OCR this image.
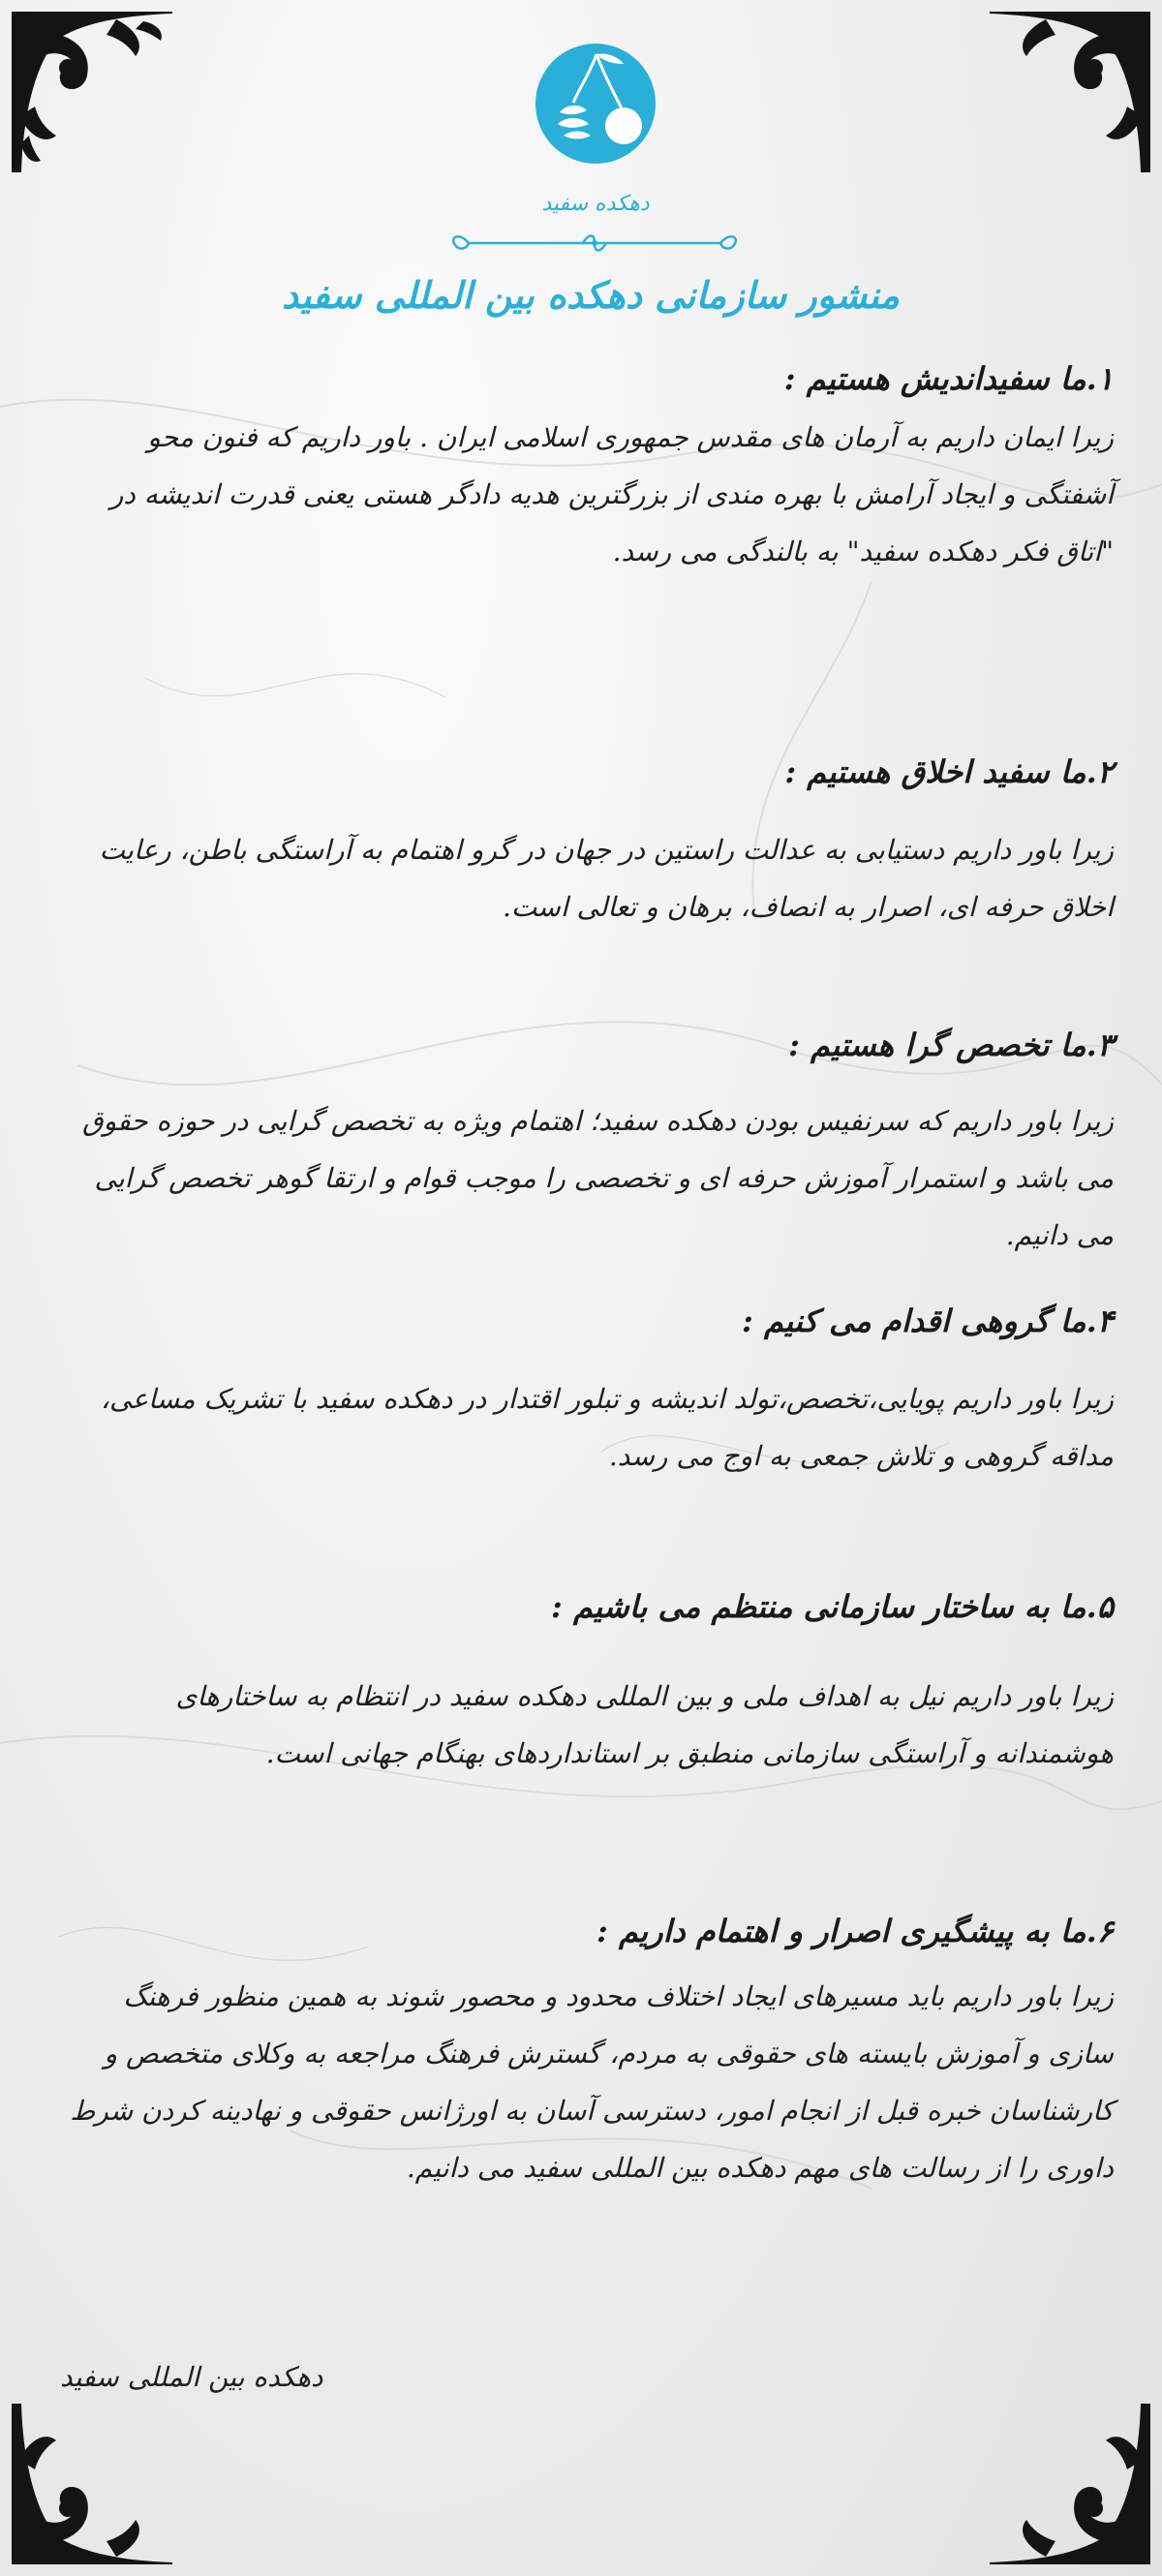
دهکده سفید
منشور سازمانی دهکده بین المللی سفید
۱.ما سفیداندیش هستیم :

زیرا ایمان داریم به آرمان های مقدس جمهوری اسلامی ایران . باور داریم که فنون محو آشفتگی و ایجاد آرامش با بهره مندی از بزرگترین هدیه دادگر هستی یعنی قدرت اندیشه در "اتاق فکر دهکده سفید" به بالندگی می رسد.

۲.ما سفید اخلاق هستیم :

زیرا باور داریم دستیابی به عدالت راستین در جهان در گرو اهتمام به آراستگی باطن، رعایت اخلاق حرفه ای، اصرار به انصاف، برهان و تعالی است.

۳.ما تخصص گرا هستیم :

زیرا باور داریم که سرنفیس بودن دهکده سفید؛ اهتمام ویژه به تخصص گرایی در حوزه حقوق می باشد و استمرار آموزش حرفه ای و تخصصی را موجب قوام و ارتقا گوهر تخصص گرایی می دانیم.

۴.ما گروهی اقدام می کنیم :

زیرا باور داریم پویایی،تخصص،تولد اندیشه و تبلور اقتدار در دهکده سفید با تشریک مساعی، مداقه گروهی و تلاش جمعی به اوج می رسد.

۵.ما به ساختار سازمانی منتظم می باشیم :

زیرا باور داریم نیل به اهداف ملی و بین المللی دهکده سفید در انتظام به ساختارهای هوشمندانه و آراستگی سازمانی منطبق بر استانداردهای بهنگام جهانی است.

۶.ما به پیشگیری اصرار و اهتمام داریم :

زیرا باور داریم باید مسیرهای ایجاد اختلاف محدود و محصور شوند به همین منظور فرهنگ سازی و آموزش بایسته های حقوقی به مردم، گسترش فرهنگ مراجعه به وکلای متخصص و کارشناسان خبره قبل از انجام امور، دسترسی آسان به اورژانس حقوقی و نهادینه کردن شرط داوری را از رسالت های مهم دهکده بین المللی سفید می دانیم.

دهکده بین المللی سفید
